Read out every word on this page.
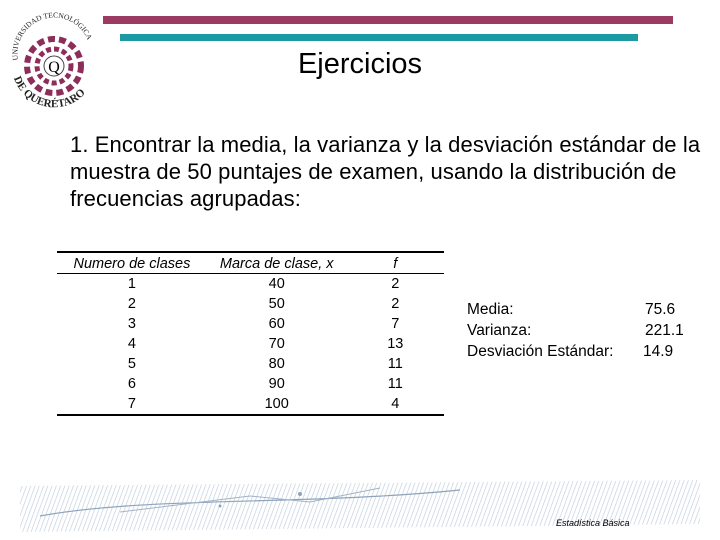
UNIVERSIDAD TECNOLÓGICA
Q
DE QUERÉTARO
Ejercicios
1. Encontrar la media, la varianza y la desviación estándar de la muestra de 50 puntajes de examen, usando la distribución de frecuencias agrupadas:
Numero de clases	Marca de clase, x	f
1	40	2
2	50	2
3	60	7
4	70	13
5	80	11
6	90	11
7	100	4
Media:	75.6
Varianza:	221.1
Desviación Estándar: 14.9
Estadística Básica
